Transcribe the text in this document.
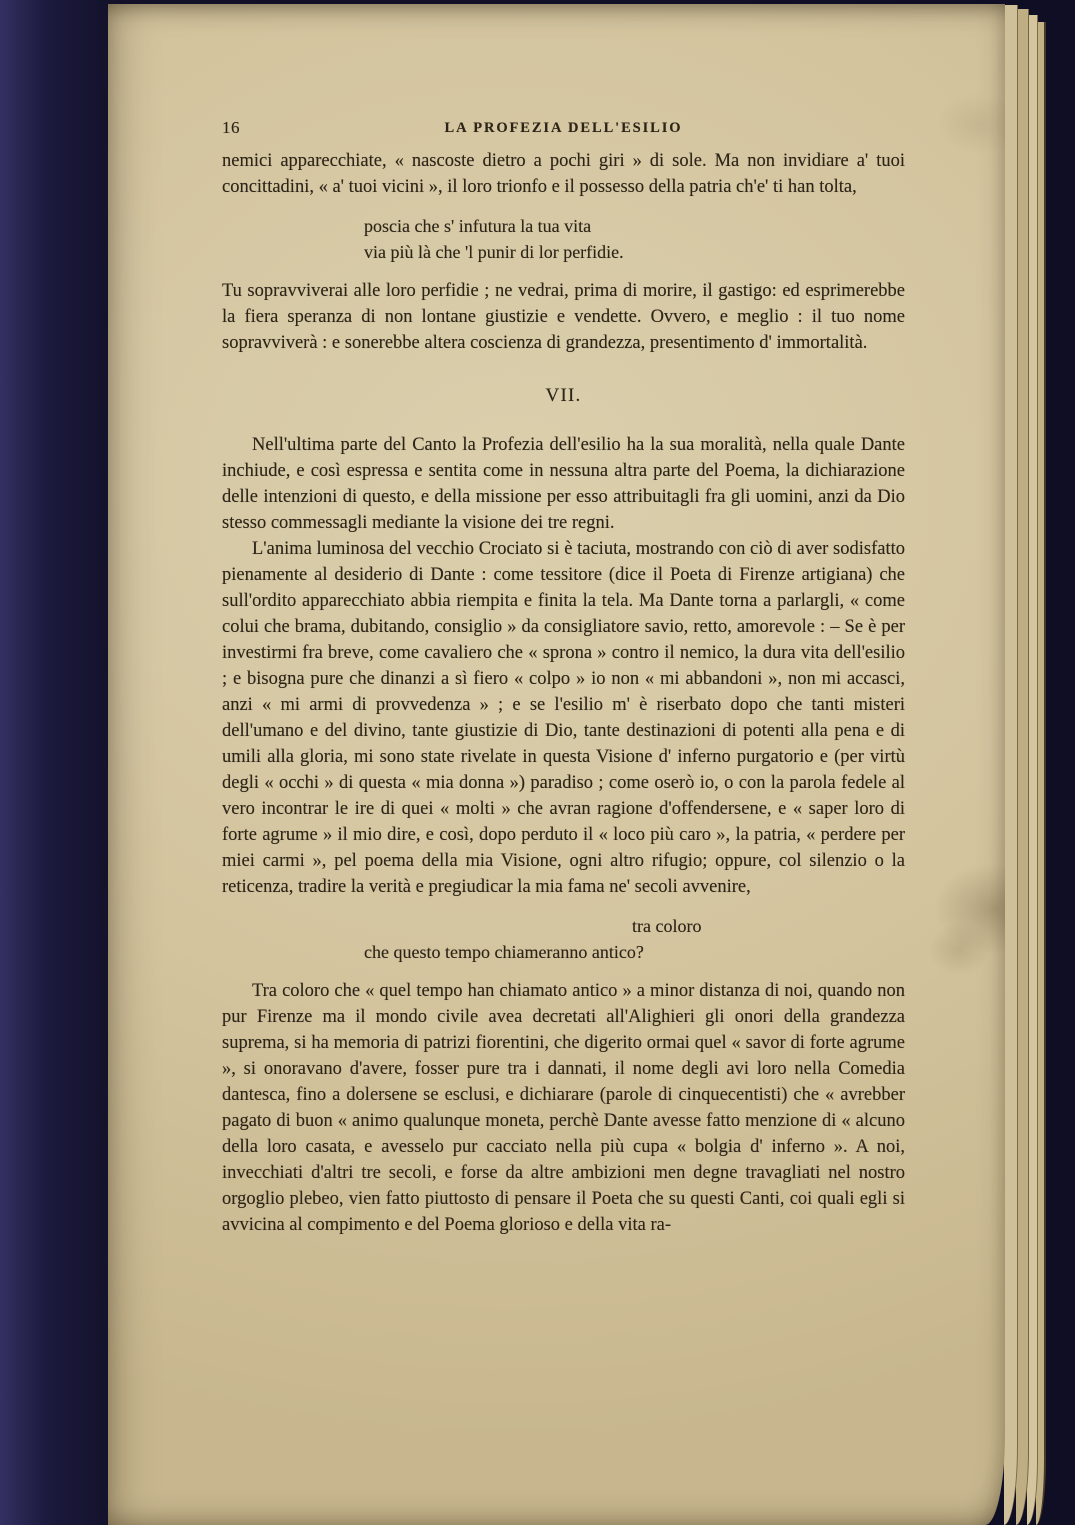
16	LA PROFEZIA DELL'ESILIO

nemici apparecchiate, « nascoste dietro a pochi giri » di sole. Ma non invidiare a' tuoi concittadini, « a' tuoi vicini », il loro trionfo e il possesso della patria ch'e' ti han tolta,

poscia che s' infutura la tua vita
via più là che 'l punir di lor perfidie.

Tu sopravviverai alle loro perfidie ; ne vedrai, prima di morire, il gastigo: ed esprimerebbe la fiera speranza di non lontane giustizie e vendette. Ovvero, e meglio : il tuo nome sopravviverà : e sonerebbe altera coscienza di grandezza, presentimento d' immortalità.

VII.

Nell'ultima parte del Canto la Profezia dell'esilio ha la sua moralità, nella quale Dante inchiude, e così espressa e sentita come in nessuna altra parte del Poema, la dichiarazione delle intenzioni di questo, e della missione per esso attribuitagli fra gli uomini, anzi da Dio stesso commessagli mediante la visione dei tre regni.

L'anima luminosa del vecchio Crociato si è taciuta, mostrando con ciò di aver sodisfatto pienamente al desiderio di Dante : come tessitore (dice il Poeta di Firenze artigiana) che sull'ordito apparecchiato abbia riempita e finita la tela. Ma Dante torna a parlargli, « come colui che brama, dubitando, consiglio » da consigliatore savio, retto, amorevole : – Se è per investirmi fra breve, come cavaliero che « sprona » contro il nemico, la dura vita dell'esilio ; e bisogna pure che dinanzi a sì fiero « colpo » io non « mi abbandoni », non mi accasci, anzi « mi armi di provvedenza » ; e se l'esilio m' è riserbato dopo che tanti misteri dell'umano e del divino, tante giustizie di Dio, tante destinazioni di potenti alla pena e di umili alla gloria, mi sono state rivelate in questa Visione d' inferno purgatorio e (per virtù degli « occhi » di questa « mia donna ») paradiso ; come oserò io, o con la parola fedele al vero incontrar le ire di quei « molti » che avran ragione d'offendersene, e « saper loro di forte agrume » il mio dire, e così, dopo perduto il « loco più caro », la patria, « perdere per miei carmi », pel poema della mia Visione, ogni altro rifugio; oppure, col silenzio o la reticenza, tradire la verità e pregiudicar la mia fama ne' secoli avvenire,

tra coloro
che questo tempo chiameranno antico?

Tra coloro che « quel tempo han chiamato antico » a minor distanza di noi, quando non pur Firenze ma il mondo civile avea decretati all'Alighieri gli onori della grandezza suprema, si ha memoria di patrizi fiorentini, che digerito ormai quel « savor di forte agrume », si onoravano d'avere, fosser pure tra i dannati, il nome degli avi loro nella Comedia dantesca, fino a dolersene se esclusi, e dichiarare (parole di cinquecentisti) che « avrebber pagato di buon « animo qualunque moneta, perchè Dante avesse fatto menzione di « alcuno della loro casata, e avesselo pur cacciato nella più cupa « bolgia d' inferno ». A noi, invecchiati d'altri tre secoli, e forse da altre ambizioni men degne travagliati nel nostro orgoglio plebeo, vien fatto piuttosto di pensare il Poeta che su questi Canti, coi quali egli si avvicina al compimento e del Poema glorioso e della vita ra-
